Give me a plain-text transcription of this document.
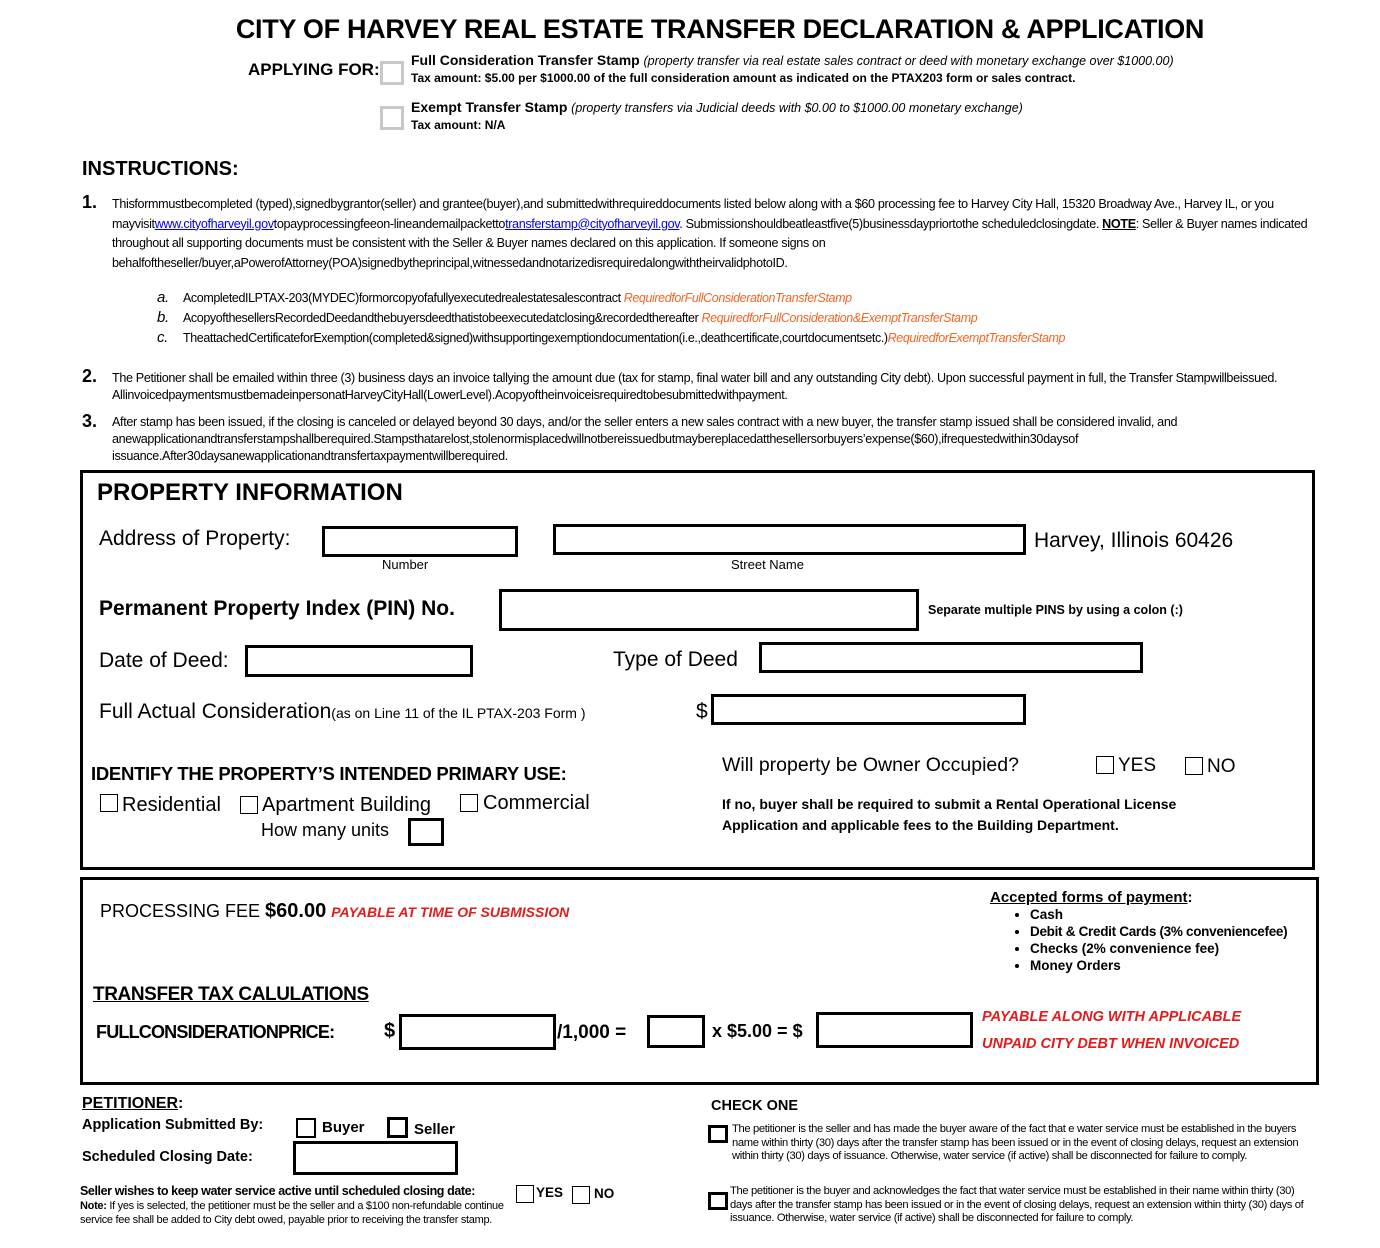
CITY OF HARVEY REAL ESTATE TRANSFER DECLARATION & APPLICATION
APPLYING FOR: Full Consideration Transfer Stamp (property transfer via real estate sales contract or deed with monetary exchange over $1000.00)
Tax amount: $5.00 per $1000.00 of the full consideration amount as indicated on the PTAX203 form or sales contract.
Exempt Transfer Stamp (property transfers via Judicial deeds with $0.00 to $1000.00 monetary exchange)
Tax amount: N/A
INSTRUCTIONS:
1. Thisformmustbecompleted (typed),signedbygrantor(seller) and grantee(buyer),and submittedwithrequireddocuments listed below along with a $60 processing fee to Harvey City Hall, 15320 Broadway Ave., Harvey IL, or you mayvisitwww.cityofharveyil.govtopayprocessingfeeon-lineandemailpackettotransferstamp@cityofharveyil.gov. Submissionshouldbeatleastfive(5)businessdaypriortothe scheduledclosingdate. NOTE: Seller & Buyer names indicated throughout all supporting documents must be consistent with the Seller & Buyer names declared on this application. If someone signs on behalfoftheseller/buyer,aPowerofAttorney(POA)signedbytheprincipal,witnessedandnotarizedisrequiredalongwiththeirvalidphotoID.
a. AcompletedILPTAX-203(MYDEC)formorcopyofafullyexecutedrealestatesalescontract RequiredforFullConsiderationTransferStamp
b. AcopyofthesellersRecordedDeedandthebuyersdeedthatistobeexecutedatclosing&recordedthereafter RequiredforFullConsideration&ExemptTransferStamp
c. TheattachedCertificateforExemption(completed&signed)withsupportingexemptiondocumentation(i.e.,deathcertificate,courtdocumentsetc.)RequiredforExemptTransferStamp
2. The Petitioner shall be emailed within three (3) business days an invoice tallying the amount due (tax for stamp, final water bill and any outstanding City debt). Upon successful payment in full, the Transfer Stampwillbeissued. AllinvoicedpaymentsmustbemadeinpersonatHarveyCityHall(LowerLevel).Acopyoftheinvoiceisrequiredtobesubmittedwithpayment.
3. After stamp has been issued, if the closing is canceled or delayed beyond 30 days, and/or the seller enters a new sales contract with a new buyer, the transfer stamp issued shall be considered invalid, and anewapplicationandtransferstampshallberequired.Stampsthatarelost,stolenormisplacedwillnotbereissuedbutmaybereplacedatthesellersorbuyers’expense($60),ifrequestedwithin30daysof issuance.After30daysanewapplicationandtransfertaxpaymentwillberequired.
PROPERTY INFORMATION
Address of Property:	Harvey, Illinois 60426
Number	Street Name
Permanent Property Index (PIN) No.	Separate multiple PINS by using a colon (:)
Date of Deed:	Type of Deed
Full Actual Consideration(as on Line 11 of the IL PTAX-203 Form )	$
IDENTIFY THE PROPERTY’S INTENDED PRIMARY USE:
Residential Apartment Building	Commercial
How many units
Will property be Owner Occupied?	YES	NO
If no, buyer shall be required to submit a Rental Operational License
Application and applicable fees to the Building Department.
PROCESSING FEE $60.00 PAYABLE AT TIME OF SUBMISSION
Accepted forms of payment:
• Cash
• Debit & Credit Cards (3% conveniencefee)
• Checks (2% convenience fee)
• Money Orders
TRANSFER TAX CALULATIONS
FULLCONSIDERATIONPRICE: $	/1,000 =	x $5.00 = $
PAYABLE ALONG WITH APPLICABLE
UNPAID CITY DEBT WHEN INVOICED
PETITIONER:
Application Submitted By:	Buyer	Seller
Scheduled Closing Date:
Seller wishes to keep water service active until scheduled closing date:	YES NO
Note: If yes is selected, the petitioner must be the seller and a $100 non-refundable continue service fee shall be added to City debt owed, payable prior to receiving the transfer stamp.
CHECK ONE
The petitioner is the seller and has made the buyer aware of the fact that e water service must be established in the buyers name within thirty (30) days after the transfer stamp has been issued or in the event of closing delays, request an extension within thirty (30) days of issuance. Otherwise, water service (if active) shall be disconnected for failure to comply.
The petitioner is the buyer and acknowledges the fact that water service must be established in their name within thirty (30) days after the transfer stamp has been issued or in the event of closing delays, request an extension within thirty (30) days of issuance. Otherwise, water service (if active) shall be disconnected for failure to comply.
